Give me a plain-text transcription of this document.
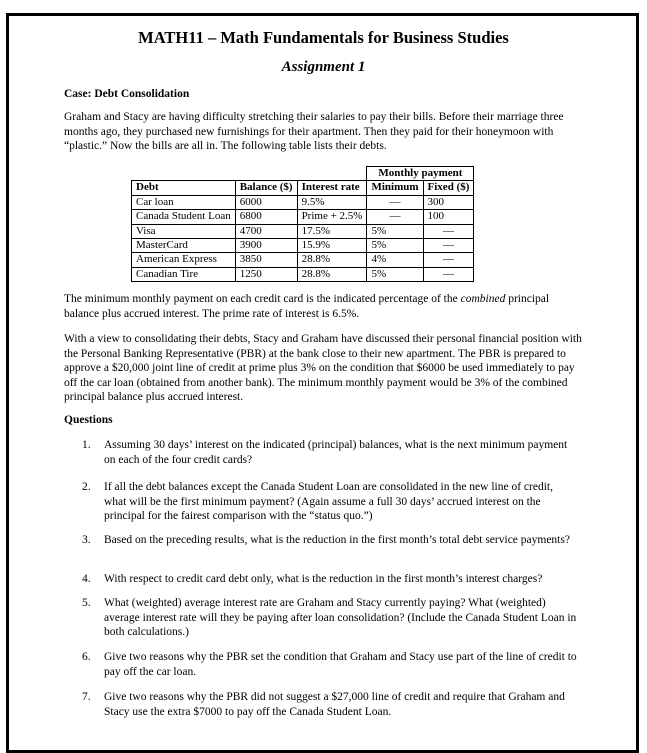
MATH11 – Math Fundamentals for Business Studies
Assignment 1
Case: Debt Consolidation
Graham and Stacy are having difficulty stretching their salaries to pay their bills. Before their marriage three months ago, they purchased new furnishings for their apartment. Then they paid for their honeymoon with “plastic.” Now the bills are all in. The following table lists their debts.
			Monthly payment	
Debt	Balance ($)	Interest rate	Minimum	Fixed ($)
Car loan	6000	9.5%	—	300
Canada Student Loan	6800	Prime + 2.5%	—	100
Visa	4700	17.5%	5%	—
MasterCard	3900	15.9%	5%	—
American Express	3850	28.8%	4%	—
Canadian Tire	1250	28.8%	5%	—
The minimum monthly payment on each credit card is the indicated percentage of the combined principal balance plus accrued interest. The prime rate of interest is 6.5%.
With a view to consolidating their debts, Stacy and Graham have discussed their personal financial position with the Personal Banking Representative (PBR) at the bank close to their new apartment. The PBR is prepared to approve a $20,000 joint line of credit at prime plus 3% on the condition that $6000 be used immediately to pay off the car loan (obtained from another bank). The minimum monthly payment would be 3% of the combined principal balance plus accrued interest.
Questions
1.	Assuming 30 days’ interest on the indicated (principal) balances, what is the next minimum payment on each of the four credit cards?
2.	If all the debt balances except the Canada Student Loan are consolidated in the new line of credit, what will be the first minimum payment? (Again assume a full 30 days’ accrued interest on the principal for the fairest comparison with the “status quo.”)
3.	Based on the preceding results, what is the reduction in the first month’s total debt service payments?
4.	With respect to credit card debt only, what is the reduction in the first month’s interest charges?
5.	What (weighted) average interest rate are Graham and Stacy currently paying? What (weighted) average interest rate will they be paying after loan consolidation? (Include the Canada Student Loan in both calculations.)
6.	Give two reasons why the PBR set the condition that Graham and Stacy use part of the line of credit to pay off the car loan.
7.	Give two reasons why the PBR did not suggest a $27,000 line of credit and require that Graham and Stacy use the extra $7000 to pay off the Canada Student Loan.
